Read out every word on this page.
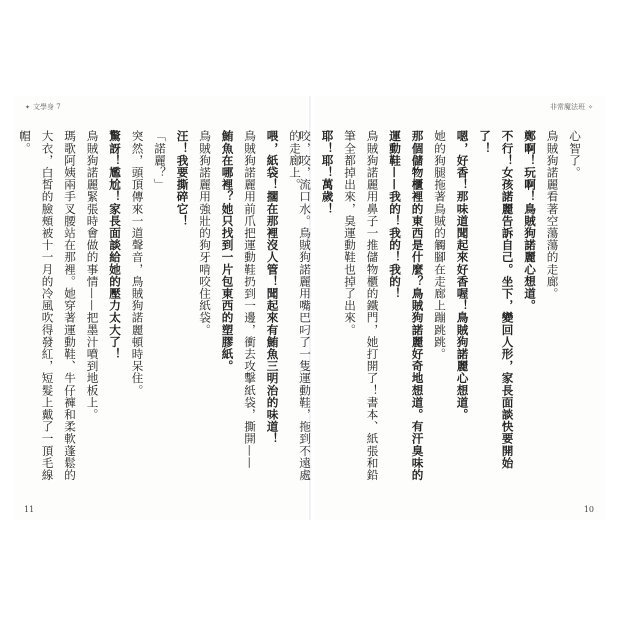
✦ 文學身 7

的走廊上。

喂，紙袋！擱在那裡沒人管！聞起來有鮪魚三明治的味道！

鳥賊狗諾麗用前爪把運動鞋扔到一邊，衝去攻擊紙袋，撕開——

鮪魚在哪裡？她只找到一片包東西的塑膠紙。

鳥賊狗諾麗用強壯的狗牙啃咬住紙袋。

汪！我要撕碎它！

「諾麗？」

突然，頭頂傳來一道聲音，鳥賊狗諾麗頓時呆住。

驚訝！尷尬！家長面談給她的壓力太大了！

鳥賊狗諾麗緊張時會做的事情——把墨汁噴到地板上。

瑪歌阿姨兩手叉腰站在那裡。她穿著運動鞋、牛仔褲和柔軟蓬鬆的大衣，白皙的臉頰被十一月的冷風吹得發紅，短髮上戴了一頂毛線帽。

11
非常魔法班 ✧

心智了。

鳥賊狗諾麗看著空蕩蕩的走廊。

鄭啊！玩啊！鳥賊狗諾麗心想道。

不行！女孩諾麗告訴自己。坐下，變回人形，家長面談快要開始了！

嗯，好香！那味道聞起來好香喔！鳥賊狗諾麗心想道。

她的狗腿拖著鳥賊的觸腳在走廊上蹦跳跳。

那個儲物櫃裡的東西是什麼？鳥賊狗諾麗好奇地想道。有汗臭味的運動鞋——我的！我的！我的！

鳥賊狗諾麗用鼻子一推儲物櫃的鐵門，她打開了！書本、紙張和鉛筆全都掉出來，臭運動鞋也掉了出來。

耶！耶！萬歲！

咬，咬，流口水。鳥賊狗諾麗用嘴巴叼了一隻運動鞋，拖到不遠處

10
